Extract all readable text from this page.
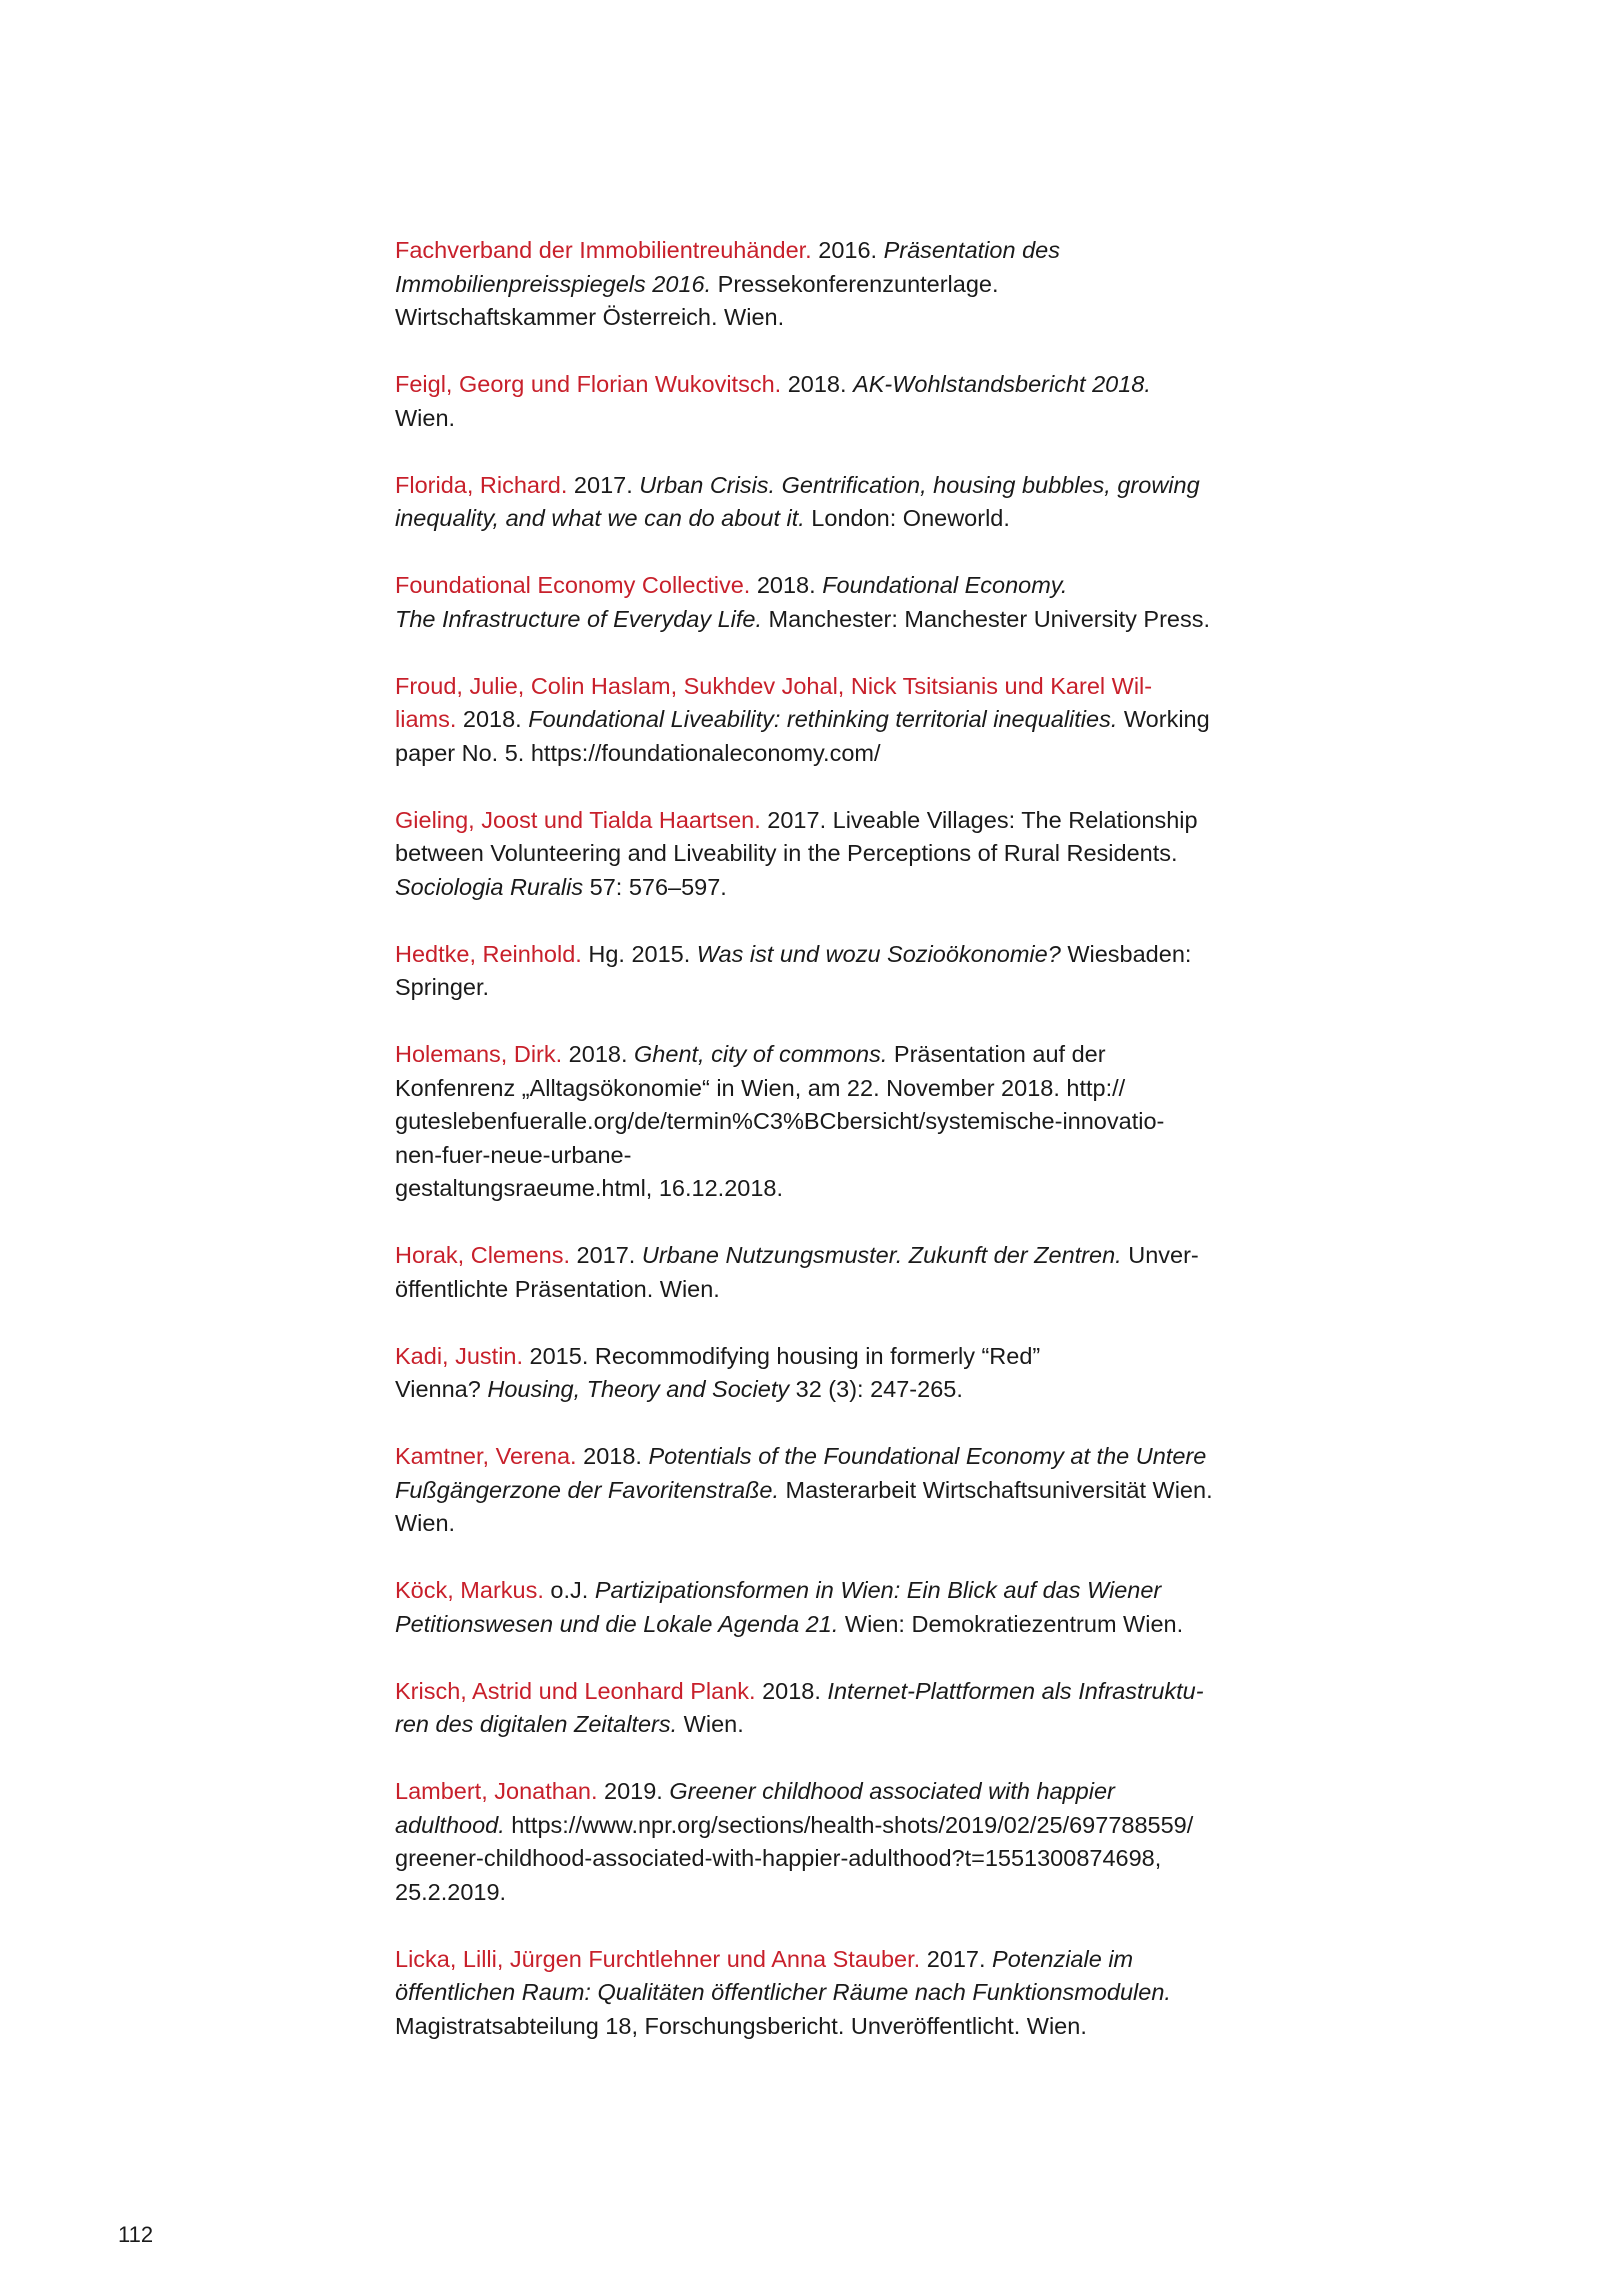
Fachverband der Immobilientreuhänder. 2016. Präsentation des
Immobilienpreisspiegels 2016. Pressekonferenzunterlage.
Wirtschaftskammer Österreich. Wien.
Feigl, Georg und Florian Wukovitsch. 2018. AK-Wohlstandsbericht 2018.
Wien.
Florida, Richard. 2017. Urban Crisis. Gentrification, housing bubbles, growing
inequality, and what we can do about it. London: Oneworld.
Foundational Economy Collective. 2018. Foundational Economy.
The Infrastructure of Everyday Life. Manchester: Manchester University Press.
Froud, Julie, Colin Haslam, Sukhdev Johal, Nick Tsitsianis und Karel Wil-
liams. 2018. Foundational Liveability: rethinking territorial inequalities. Working
paper No. 5. https://foundationaleconomy.com/
Gieling, Joost und Tialda Haartsen. 2017. Liveable Villages: The Relationship
between Volunteering and Liveability in the Perceptions of Rural Residents.
Sociologia Ruralis 57: 576–597.
Hedtke, Reinhold. Hg. 2015. Was ist und wozu Sozioökonomie? Wiesbaden:
Springer.
Holemans, Dirk. 2018. Ghent, city of commons. Präsentation auf der
Konfenrenz „Alltagsökonomie“ in Wien, am 22. November 2018. http://
guteslebenfueralle.org/de/termin%C3%BCbersicht/systemische-innovatio-
nen-fuer-neue-urbane-
gestaltungsraeume.html, 16.12.2018.
Horak, Clemens. 2017. Urbane Nutzungsmuster. Zukunft der Zentren. Unver-
öffentlichte Präsentation. Wien.
Kadi, Justin. 2015. Recommodifying housing in formerly “Red”
Vienna? Housing, Theory and Society 32 (3): 247-265.
Kamtner, Verena. 2018. Potentials of the Foundational Economy at the Untere
Fußgängerzone der Favoritenstraße. Masterarbeit Wirtschaftsuniversität Wien.
Wien.
Köck, Markus. o.J. Partizipationsformen in Wien: Ein Blick auf das Wiener
Petitionswesen und die Lokale Agenda 21. Wien: Demokratiezentrum Wien.
Krisch, Astrid und Leonhard Plank. 2018. Internet-Plattformen als Infrastruktu-
ren des digitalen Zeitalters. Wien.
Lambert, Jonathan. 2019. Greener childhood associated with happier
adulthood. https://www.npr.org/sections/health-shots/2019/02/25/697788559/
greener-childhood-associated-with-happier-adulthood?t=1551300874698,
25.2.2019.
Licka, Lilli, Jürgen Furchtlehner und Anna Stauber. 2017. Potenziale im
öffentlichen Raum: Qualitäten öffentlicher Räume nach Funktionsmodulen.
Magistratsabteilung 18, Forschungsbericht. Unveröffentlicht. Wien.
112
